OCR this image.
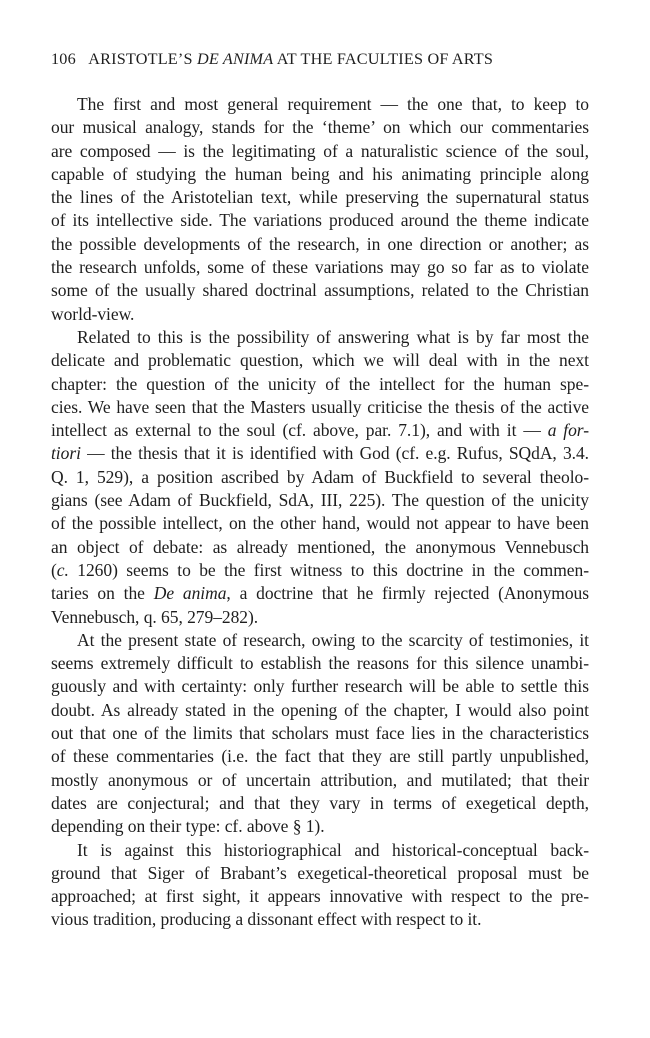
106 ARISTOTLE’S DE ANIMA AT THE FACULTIES OF ARTS

The first and most general requirement — the one that, to keep to
our musical analogy, stands for the ‘theme’ on which our commentaries
are composed — is the legitimating of a naturalistic science of the soul,
capable of studying the human being and his animating principle along
the lines of the Aristotelian text, while preserving the supernatural status
of its intellective side. The variations produced around the theme indicate
the possible developments of the research, in one direction or another; as
the research unfolds, some of these variations may go so far as to violate
some of the usually shared doctrinal assumptions, related to the Christian
world-view.

Related to this is the possibility of answering what is by far most the
delicate and problematic question, which we will deal with in the next
chapter: the question of the unicity of the intellect for the human spe-
cies. We have seen that the Masters usually criticise the thesis of the active
intellect as external to the soul (cf. above, par. 7.1), and with it — a for-
tiori — the thesis that it is identified with God (cf. e.g. Rufus, SQdA, 3.4.
Q. 1, 529), a position ascribed by Adam of Buckfield to several theolo-
gians (see Adam of Buckfield, SdA, III, 225). The question of the unicity
of the possible intellect, on the other hand, would not appear to have been
an object of debate: as already mentioned, the anonymous Vennebusch
(c. 1260) seems to be the first witness to this doctrine in the commen-
taries on the De anima, a doctrine that he firmly rejected (Anonymous
Vennebusch, q. 65, 279–282).

At the present state of research, owing to the scarcity of testimonies, it
seems extremely difficult to establish the reasons for this silence unambi-
guously and with certainty: only further research will be able to settle this
doubt. As already stated in the opening of the chapter, I would also point
out that one of the limits that scholars must face lies in the characteristics
of these commentaries (i.e. the fact that they are still partly unpublished,
mostly anonymous or of uncertain attribution, and mutilated; that their
dates are conjectural; and that they vary in terms of exegetical depth,
depending on their type: cf. above § 1).

It is against this historiographical and historical-conceptual back-
ground that Siger of Brabant’s exegetical-theoretical proposal must be
approached; at first sight, it appears innovative with respect to the pre-
vious tradition, producing a dissonant effect with respect to it.
